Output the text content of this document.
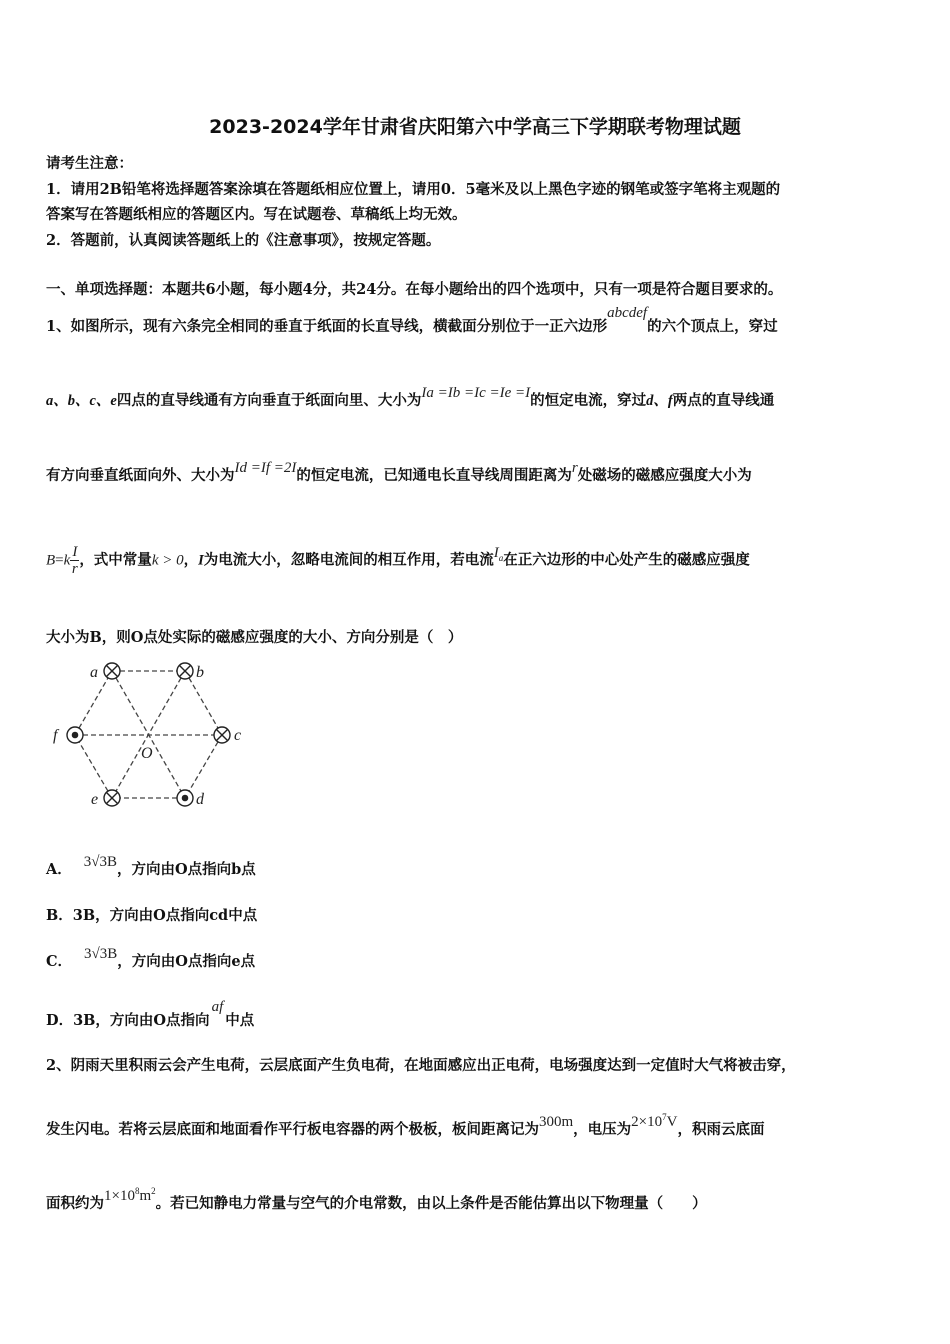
2023-2024学年甘肃省庆阳第六中学高三下学期联考物理试题
请考生注意：
1．请用2B铅笔将选择题答案涂填在答题纸相应位置上，请用0．5毫米及以上黑色字迹的钢笔或签字笔将主观题的
答案写在答题纸相应的答题区内。写在试题卷、草稿纸上均无效。
2．答题前，认真阅读答题纸上的《注意事项》，按规定答题。
一、单项选择题：本题共6小题，每小题4分，共24分。在每小题给出的四个选项中，只有一项是符合题目要求的。
1、如图所示，现有六条完全相同的垂直于纸面的长直导线，横截面分别位于一正六边形abcdef的六个顶点上，穿过
a、b、c、e四点的直导线通有方向垂直于纸面向里、大小为Ia =Ib =Ic =Ie =I的恒定电流，穿过d、f两点的直导线通
有方向垂直纸面向外、大小为Id =If =2I的恒定电流，已知通电长直导线周围距离为r处磁场的磁感应强度大小为
$B=k \frac{I}{r}$ ，式中常量k > 0，I为电流大小，忽略电流间的相互作用，若电流$I_a$在正六边形的中心处产生的磁感应强度
大小为B，则O点处实际的磁感应强度的大小、方向分别是（　）
a	b
c
d
e
f
O
A． 3√3B，方向由O点指向b点
B．3B，方向由O点指向cd中点
C． 3√3B，方向由O点指向e点
D．3B，方向由O点指向af中点
2、阴雨天里积雨云会产生电荷，云层底面产生负电荷，在地面感应出正电荷，电场强度达到一定值时大气将被击穿，
发生闪电。若将云层底面和地面看作平行板电容器的两个极板，板间距离记为300m，电压为$2\times 10^7V$，积雨云底面
面积约为$1\times 10^8m^2$。若已知静电力常量与空气的介电常数，由以上条件是否能估算出以下物理量（　　）
